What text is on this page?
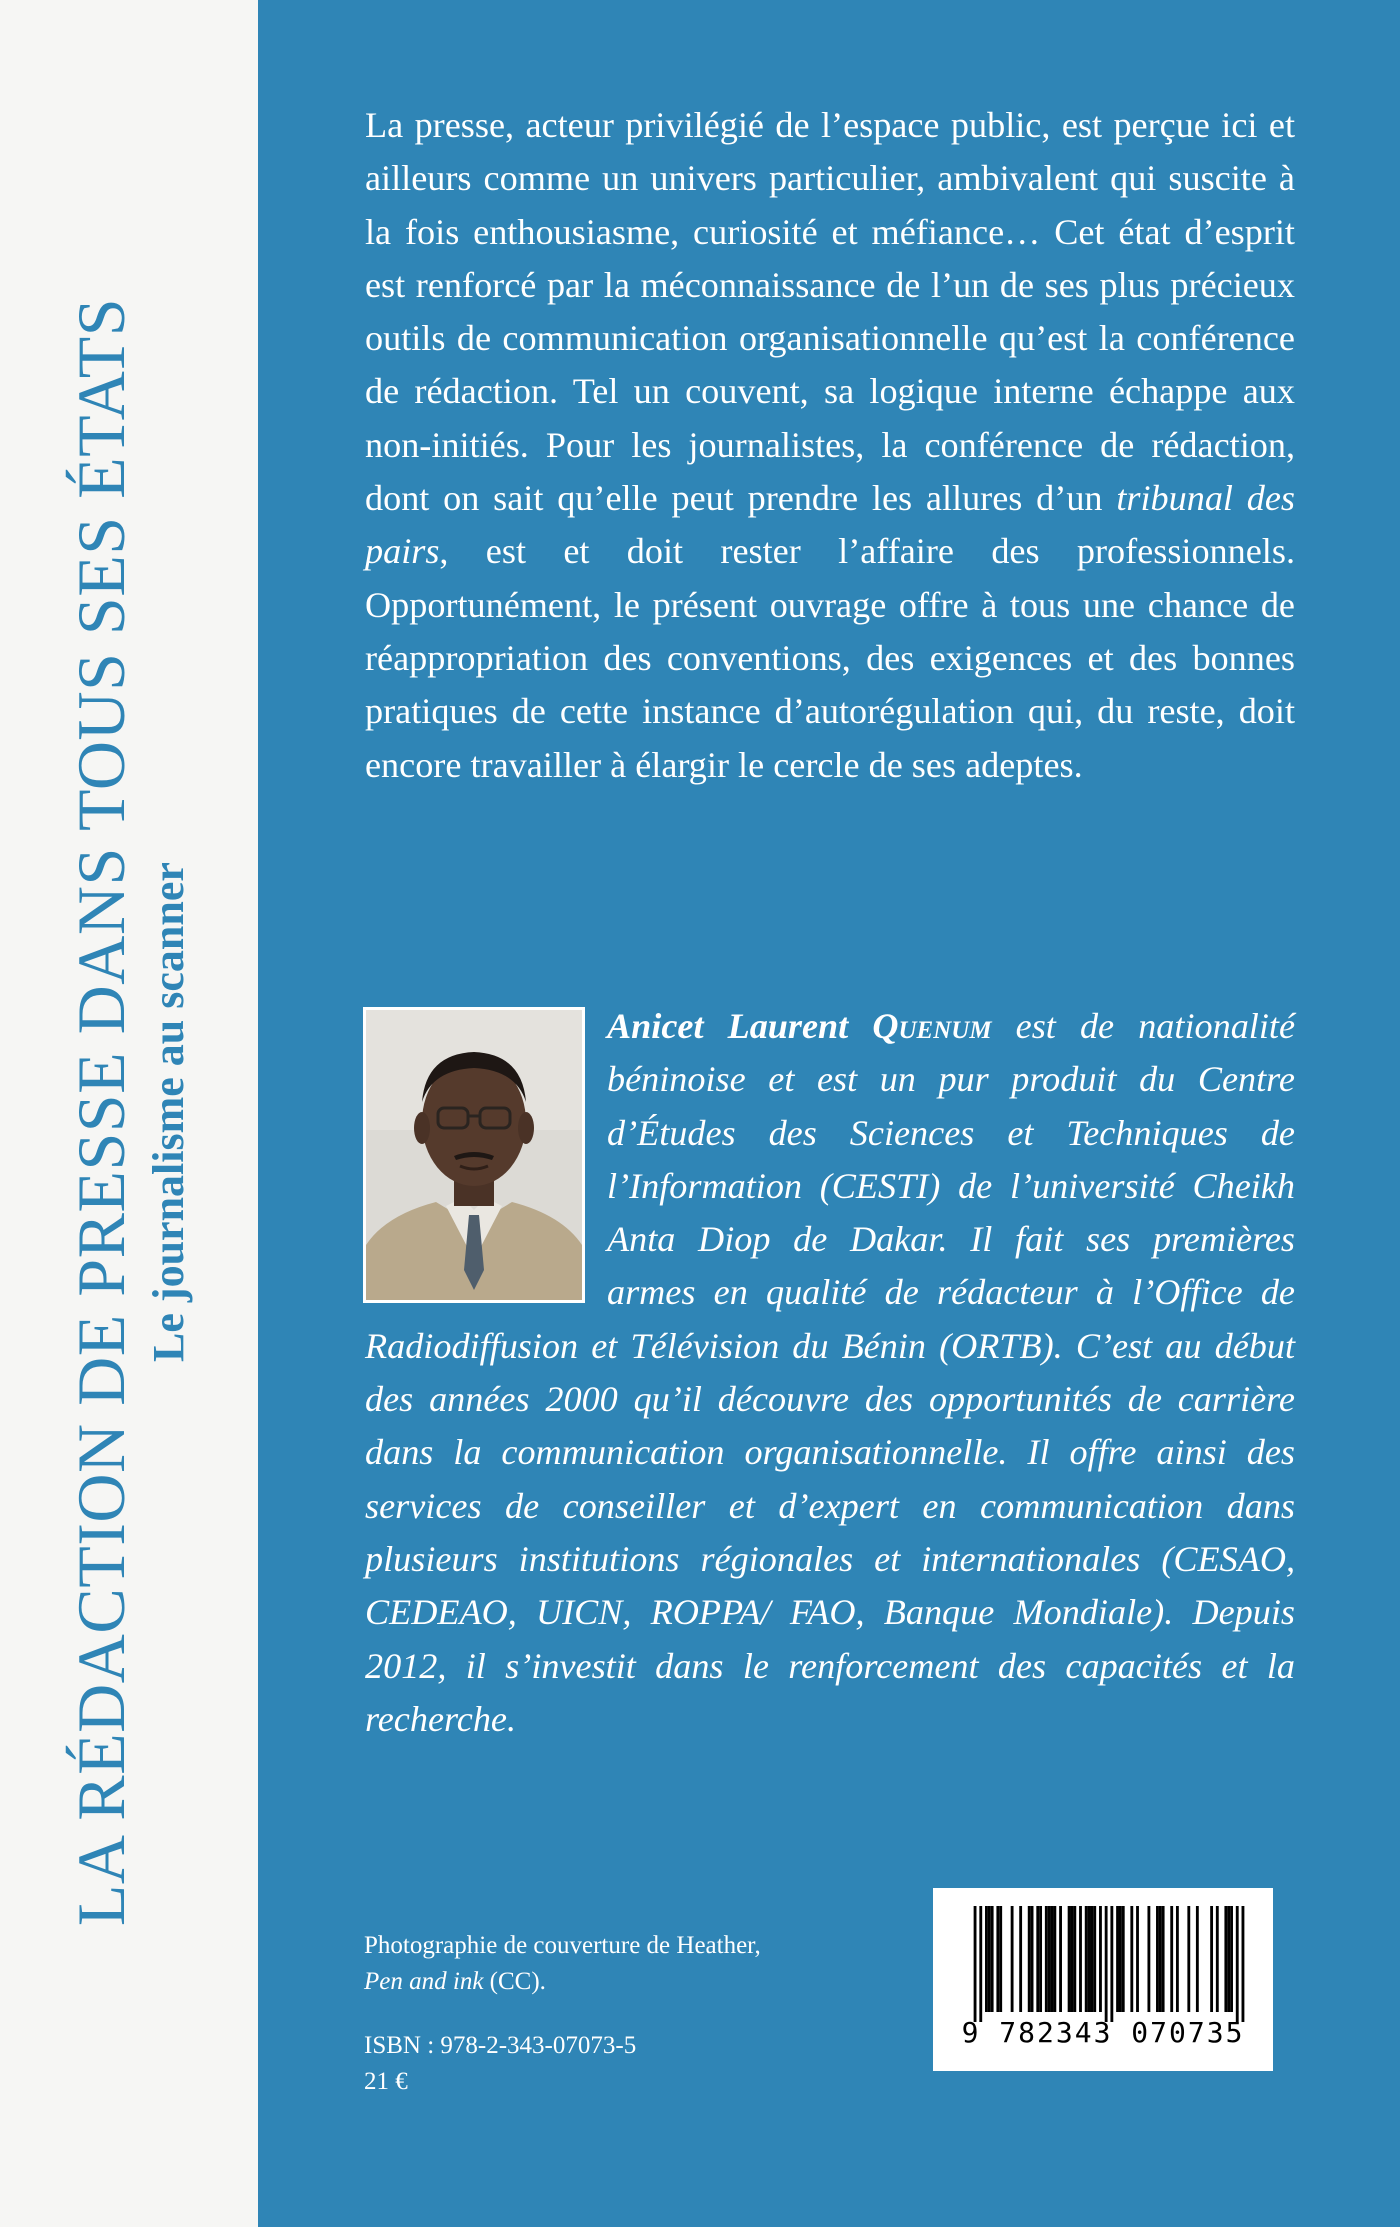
LA RÉDACTION DE PRESSE DANS TOUS SES ÉTATS Le journalisme au scanner

La presse, acteur privilégié de l’espace public, est perçue ici et ailleurs comme un univers particulier, ambivalent qui suscite à la fois enthousiasme, curiosité et méfiance… Cet état d’esprit est renforcé par la méconnaissance de l’un de ses plus précieux outils de communication organisationnelle qu’est la conférence de rédaction. Tel un couvent, sa logique interne échappe aux non-initiés. Pour les journalistes, la conférence de rédaction, dont on sait qu’elle peut prendre les allures d’un tribunal des pairs, est et doit rester l’affaire des professionnels. Opportunément, le présent ouvrage offre à tous une chance de réappropriation des conventions, des exigences et des bonnes pratiques de cette instance d’autorégulation qui, du reste, doit encore travailler à élargir le cercle de ses adeptes.

Anicet Laurent Quenum est de nationalité béninoise et est un pur produit du Centre d’Études des Sciences et Techniques de l’Information (CESTI) de l’université Cheikh Anta Diop de Dakar. Il fait ses premières armes en qualité de rédacteur à l’Office de Radiodiffusion et Télévision du Bénin (ORTB). C’est au début des années 2000 qu’il découvre des opportunités de carrière dans la communication organisationnelle. Il offre ainsi des services de conseiller et d’expert en communication dans plusieurs institutions régionales et internationales (CESAO, CEDEAO, UICN, ROPPA/ FAO, Banque Mondiale). Depuis 2012, il s’investit dans le renforcement des capacités et la recherche.

Photographie de couverture de Heather,

Pen and ink (CC).

ISBN : 978-2-343-07073-5

21 €

9 782343 070735
